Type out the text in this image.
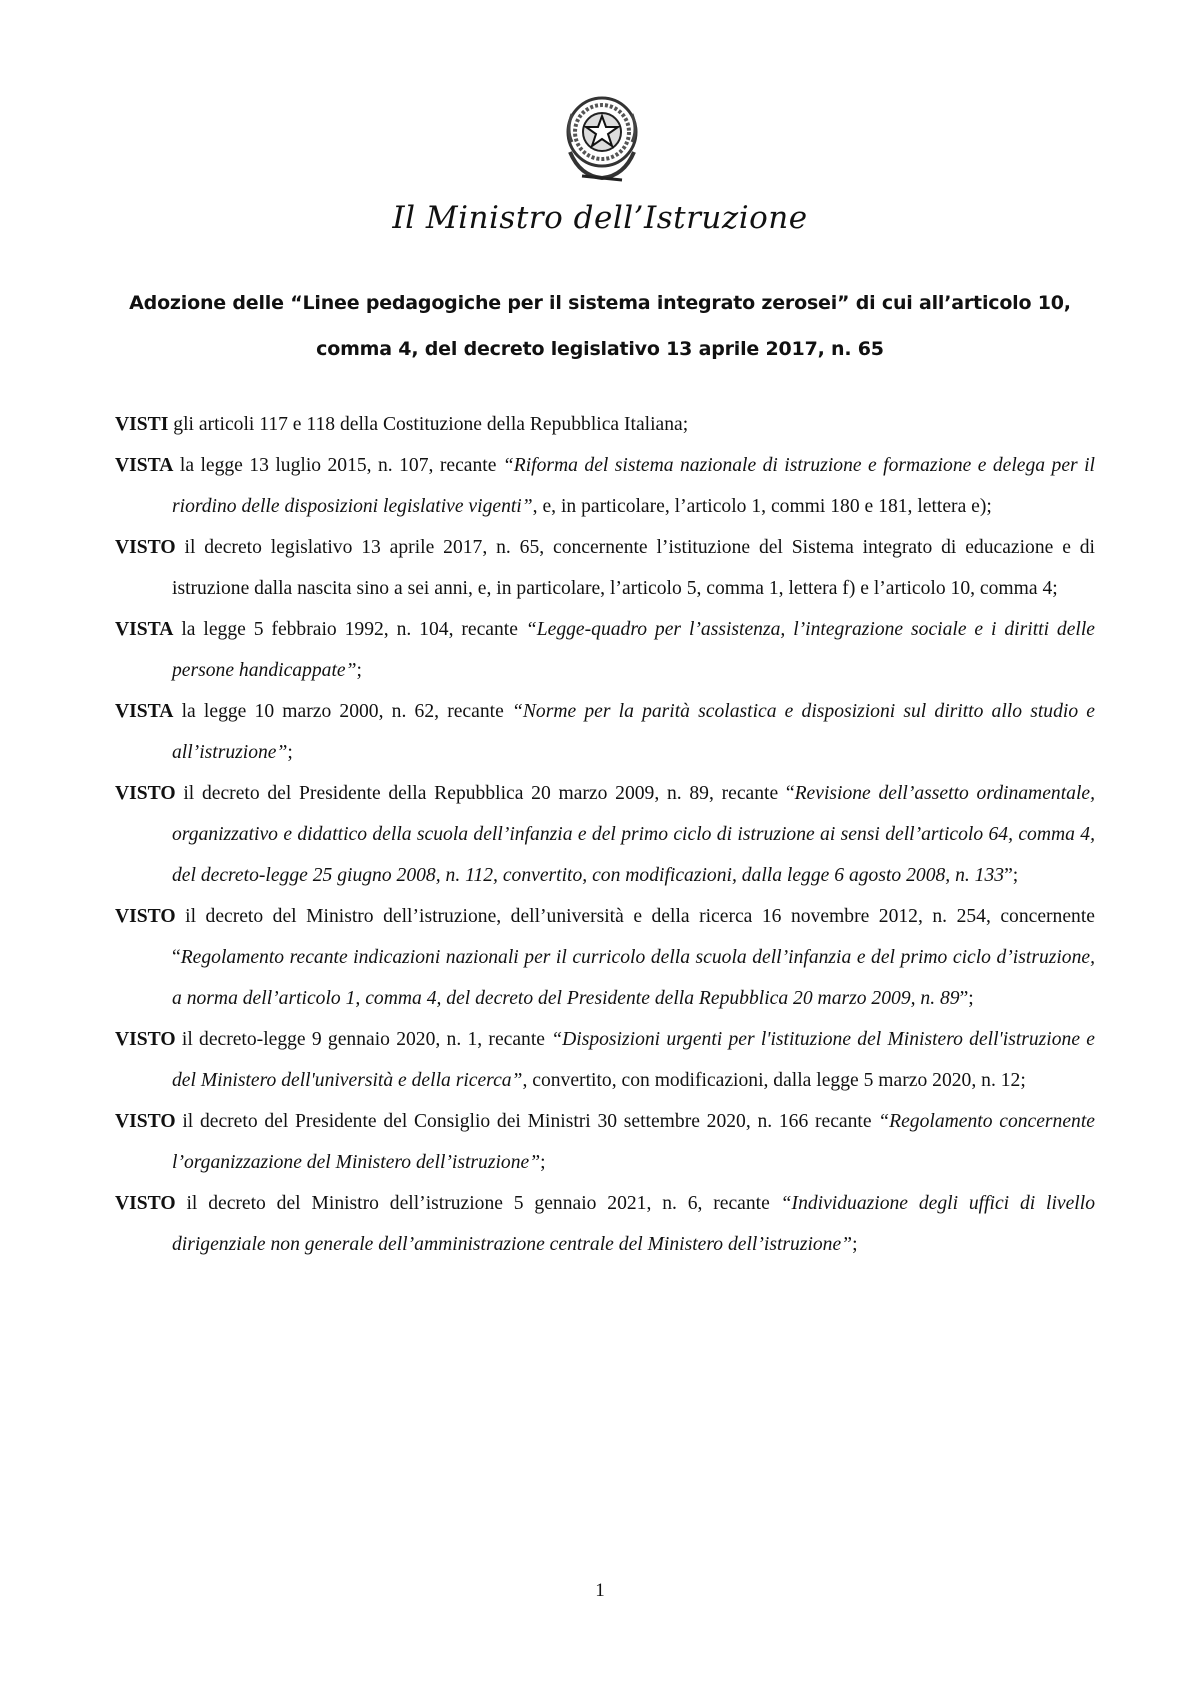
Il Ministro dell’Istruzione
Adozione delle “Linee pedagogiche per il sistema integrato zerosei” di cui all’articolo 10,
comma 4, del decreto legislativo 13 aprile 2017, n. 65

VISTI gli articoli 117 e 118 della Costituzione della Repubblica Italiana;

VISTA la legge 13 luglio 2015, n. 107, recante “Riforma del sistema nazionale di istruzione e formazione e delega per il riordino delle disposizioni legislative vigenti”, e, in particolare, l’articolo 1, commi 180 e 181, lettera e);

VISTO il decreto legislativo 13 aprile 2017, n. 65, concernente l’istituzione del Sistema integrato di educazione e di istruzione dalla nascita sino a sei anni, e, in particolare, l’articolo 5, comma 1, lettera f) e l’articolo 10, comma 4;

VISTA la legge 5 febbraio 1992, n. 104, recante “Legge-quadro per l’assistenza, l’integrazione sociale e i diritti delle persone handicappate”;

VISTA la legge 10 marzo 2000, n. 62, recante “Norme per la parità scolastica e disposizioni sul diritto allo studio e all’istruzione”;

VISTO il decreto del Presidente della Repubblica 20 marzo 2009, n. 89, recante “Revisione dell’assetto ordinamentale, organizzativo e didattico della scuola dell’infanzia e del primo ciclo di istruzione ai sensi dell’articolo 64, comma 4, del decreto-legge 25 giugno 2008, n. 112, convertito, con modificazioni, dalla legge 6 agosto 2008, n. 133”;

VISTO il decreto del Ministro dell’istruzione, dell’università e della ricerca 16 novembre 2012, n. 254, concernente “Regolamento recante indicazioni nazionali per il curricolo della scuola dell’infanzia e del primo ciclo d’istruzione, a norma dell’articolo 1, comma 4, del decreto del Presidente della Repubblica 20 marzo 2009, n. 89”;

VISTO il decreto-legge 9 gennaio 2020, n. 1, recante “Disposizioni urgenti per l'istituzione del Ministero dell'istruzione e del Ministero dell'università e della ricerca”, convertito, con modificazioni, dalla legge 5 marzo 2020, n. 12;

VISTO il decreto del Presidente del Consiglio dei Ministri 30 settembre 2020, n. 166 recante “Regolamento concernente l’organizzazione del Ministero dell’istruzione”;

VISTO il decreto del Ministro dell’istruzione 5 gennaio 2021, n. 6, recante “Individuazione degli uffici di livello dirigenziale non generale dell’amministrazione centrale del Ministero dell’istruzione”;

1
